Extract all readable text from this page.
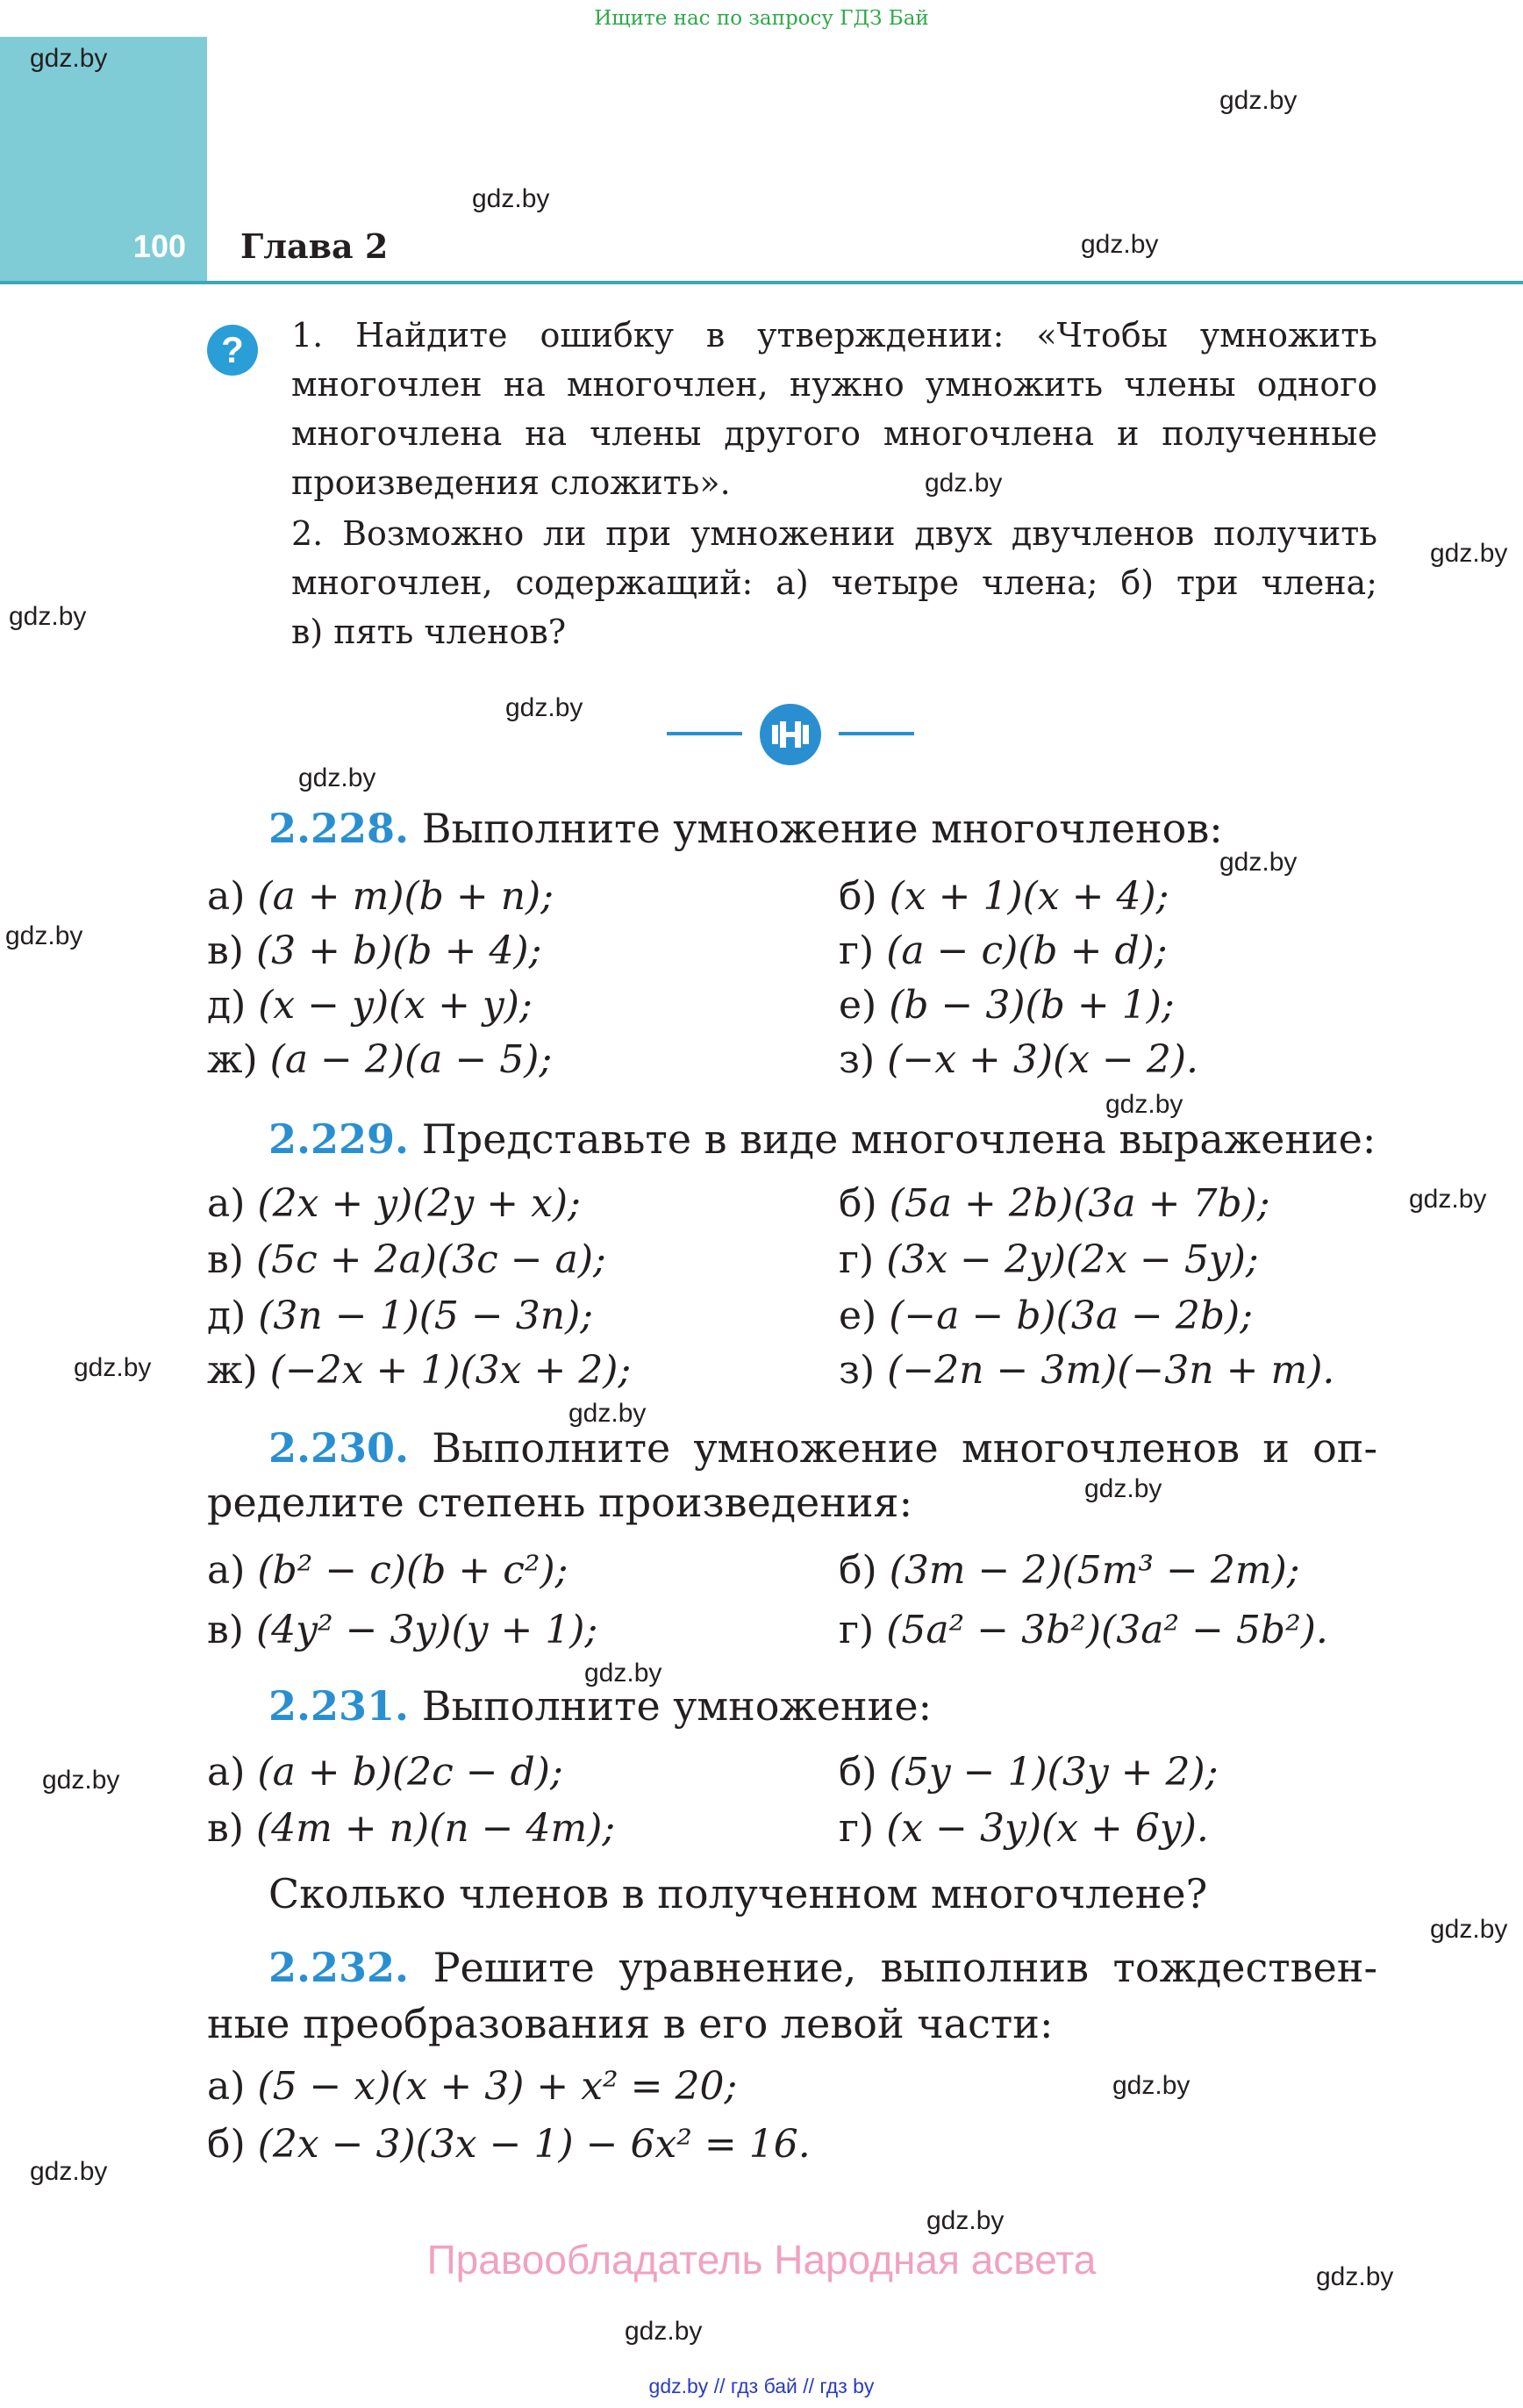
Ищите нас по запросу ГДЗ Бай
100 Глава 2
?	1. Найдите ошибку в утверждении: «Чтобы умножить
многочлен на многочлен, нужно умножить члены одного
многочлена на члены другого многочлена и полученные
произведения сложить».
2. Возможно ли при умножении двух двучленов получить
многочлен, содержащий: а) четыре члена; б) три члена;
в) пять членов?
2.228. Выполните умножение многочленов:
а) (a + m)(b + n);	б) (x + 1)(x + 4);
в) (3 + b)(b + 4);	г) (a − c)(b + d);
д) (x − y)(x + y);	е) (b − 3)(b + 1);
ж) (a − 2)(a − 5);	з) (−x + 3)(x − 2).
2.229. Представьте в виде многочлена выражение:
а) (2x + y)(2y + x);	б) (5a + 2b)(3a + 7b);
в) (5c + 2a)(3c − a);	г) (3x − 2y)(2x − 5y);
д) (3n − 1)(5 − 3n);	е) (−a − b)(3a − 2b);
ж) (−2x + 1)(3x + 2);	з) (−2n − 3m)(−3n + m).
2.230. Выполните умножение многочленов и оп-
ределите степень произведения:
а) (b² − c)(b + c²);	б) (3m − 2)(5m³ − 2m);
в) (4y² − 3y)(y + 1);	г) (5a² − 3b²)(3a² − 5b²).
2.231. Выполните умножение:
а) (a + b)(2c − d);	б) (5y − 1)(3y + 2);
в) (4m + n)(n − 4m);	г) (x − 3y)(x + 6y).
Сколько членов в полученном многочлене?
2.232. Решите уравнение, выполнив тождествен-
ные преобразования в его левой части:
а) (5 − x)(x + 3) + x² = 20;
б) (2x − 3)(3x − 1) − 6x² = 16.
gdz.by
gdz.by
gdz.by
gdz.by
gdz.by
gdz.by
gdz.by
gdz.by
gdz.by
gdz.by
gdz.by
gdz.by
gdz.by
gdz.by
gdz.by
gdz.by
gdz.by
gdz.by
gdz.by
gdz.by
gdz.by
gdz.by
gdz.by
gdz.by
Правообладатель Народная асвета
gdz.by // гдз бай // гдз by
